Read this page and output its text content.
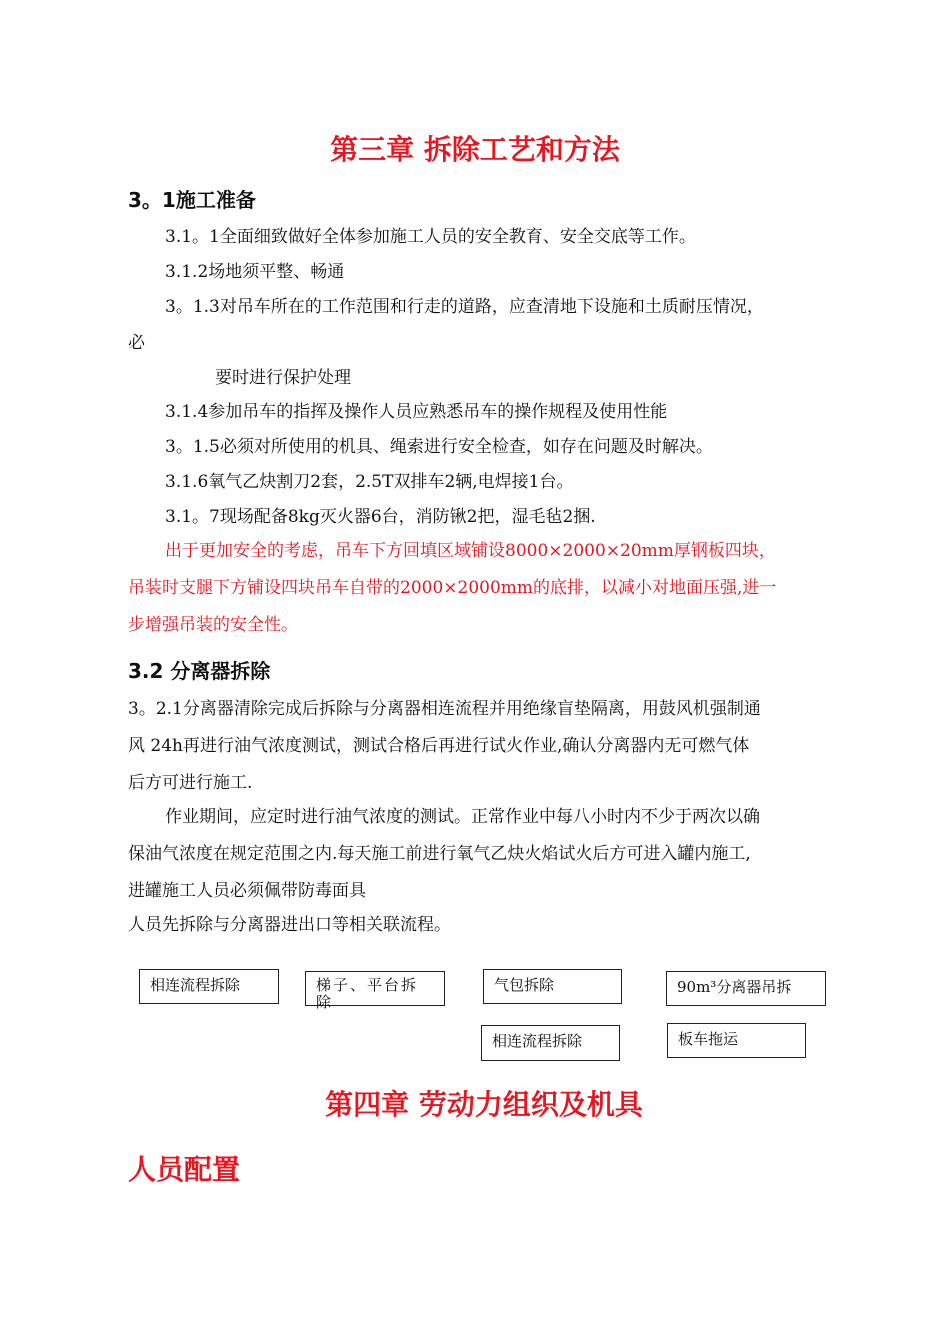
第三章 拆除工艺和方法
3。1施工准备
3.1。1全面细致做好全体参加施工人员的安全教育、安全交底等工作。
3.1.2场地须平整、畅通
3。1.3对吊车所在的工作范围和行走的道路，应查清地下设施和土质耐压情况，
必
要时进行保护处理
3.1.4参加吊车的指挥及操作人员应熟悉吊车的操作规程及使用性能
3。1.5必须对所使用的机具、绳索进行安全检查，如存在问题及时解决。
3.1.6氧气乙炔割刀2套，2.5T双排车2辆,电焊接1台。
3.1。7现场配备8kg灭火器6台，消防锹2把，湿毛毡2捆.
出于更加安全的考虑，吊车下方回填区域铺设8000×2000×20mm厚钢板四块，
吊装时支腿下方铺设四块吊车自带的2000×2000mm的底排，以减小对地面压强,进一
步增强吊装的安全性。
3.2 分离器拆除
3。2.1分离器清除完成后拆除与分离器相连流程并用绝缘盲垫隔离，用鼓风机强制通
风 24h再进行油气浓度测试，测试合格后再进行试火作业,确认分离器内无可燃气体
后方可进行施工.
作业期间，应定时进行油气浓度的测试。正常作业中每八小时内不少于两次以确
保油气浓度在规定范围之内.每天施工前进行氧气乙炔火焰试火后方可进入罐内施工,
进罐施工人员必须佩带防毒面具
人员先拆除与分离器进出口等相关联流程。
相连流程拆除	梯子、平台拆除
气包拆除	90m³分离器吊拆
相连流程拆除	板车拖运
第四章 劳动力组织及机具
人员配置
